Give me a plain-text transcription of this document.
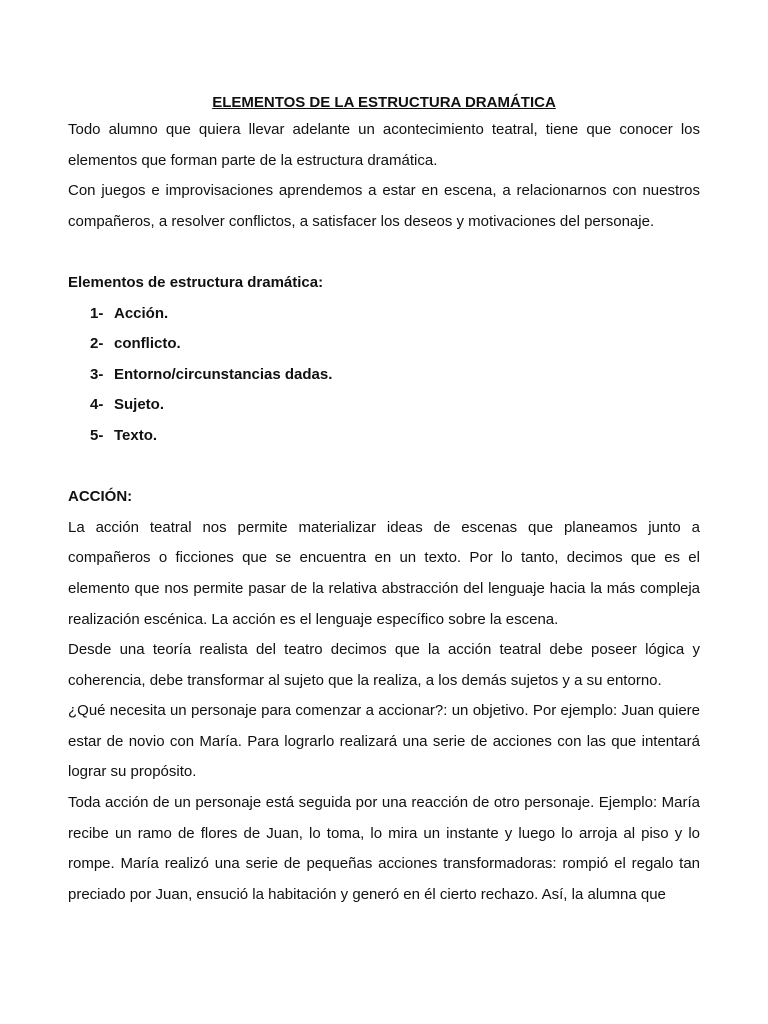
ELEMENTOS DE LA ESTRUCTURA DRAMÁTICA

Todo alumno que quiera llevar adelante un acontecimiento teatral, tiene que conocer los elementos que forman parte de la estructura dramática.

Con juegos e improvisaciones aprendemos a estar en escena, a relacionarnos con nuestros compañeros, a resolver conflictos, a satisfacer los deseos y motivaciones del personaje.

Elementos de estructura dramática:

1- Acción.
2- conflicto.
3- Entorno/circunstancias dadas.
4- Sujeto.
5- Texto.

ACCIÓN:

La acción teatral nos permite materializar ideas de escenas que planeamos junto a compañeros o ficciones que se encuentra en un texto. Por lo tanto, decimos que es el elemento que nos permite pasar de la relativa abstracción del lenguaje hacia la más compleja realización escénica. La acción es el lenguaje específico sobre la escena.

Desde una teoría realista del teatro decimos que la acción teatral debe poseer lógica y coherencia, debe transformar al sujeto que la realiza, a los demás sujetos y a su entorno.

¿Qué necesita un personaje para comenzar a accionar?: un objetivo. Por ejemplo: Juan quiere estar de novio con María. Para lograrlo realizará una serie de acciones con las que intentará lograr su propósito.

Toda acción de un personaje está seguida por una reacción de otro personaje. Ejemplo: María recibe un ramo de flores de Juan, lo toma, lo mira un instante y luego lo arroja al piso y lo rompe. María realizó una serie de pequeñas acciones transformadoras: rompió el regalo tan preciado por Juan, ensució la habitación y generó en él cierto rechazo. Así, la alumna que
